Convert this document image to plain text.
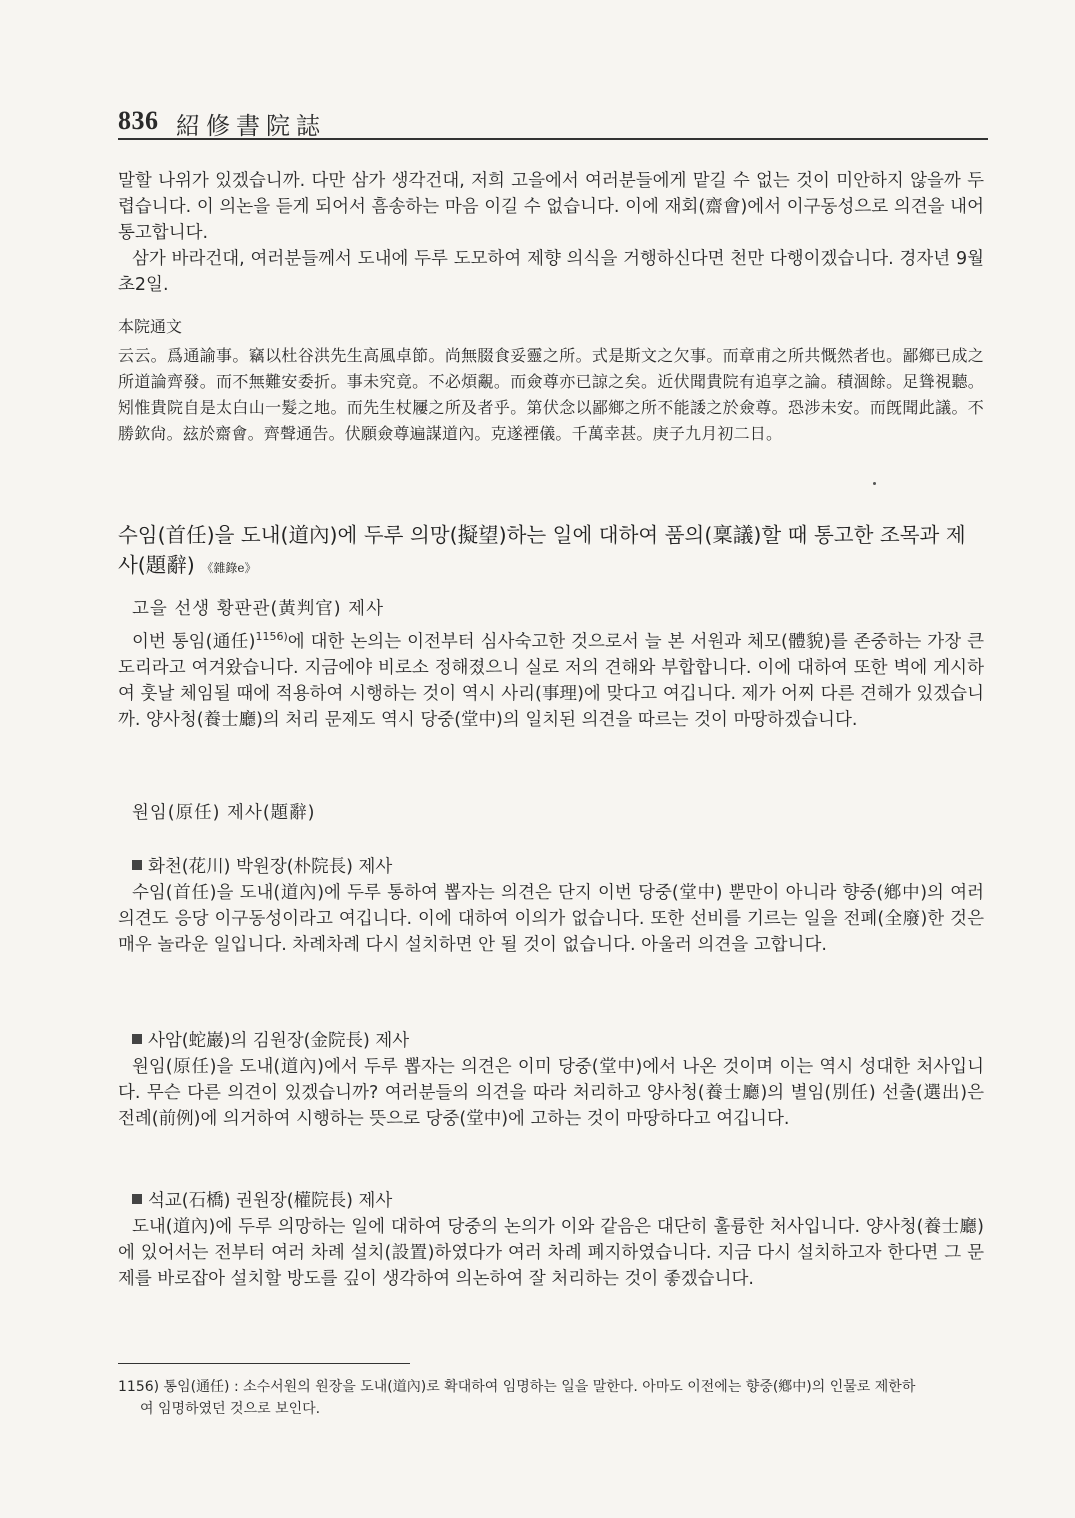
836 紹修書院誌

말할 나위가 있겠습니까. 다만 삼가 생각건대, 저희 고을에서 여러분들에게 맡길 수 없는 것이 미안하지 않을까 두렵습니다. 이 의논을 듣게 되어서 흠송하는 마음 이길 수 없습니다. 이에 재회(齋會)에서 이구동성으로 의견을 내어 통고합니다.

삼가 바라건대, 여러분들께서 도내에 두루 도모하여 제향 의식을 거행하신다면 천만 다행이겠습니다. 경자년 9월 초2일.

本院通文

云云。爲通諭事。竊以杜谷洪先生高風卓節。尚無腏食妥靈之所。式是斯文之欠事。而章甫之所共慨然者也。鄙鄉已成之所道論齊發。而不無難安委折。事未究竟。不必煩覶。而僉尊亦已諒之矣。近伏聞貴院有追享之論。積涸餘。足聳視聽。矧惟貴院自是太白山一髮之地。而先生杖屨之所及者乎。第伏念以鄙鄉之所不能諉之於僉尊。恐涉未安。而旣聞此議。不勝欽尙。玆於齋會。齊聲通告。伏願僉尊遍謀道內。克遂禋儀。千萬幸甚。庚子九月初二日。

수임(首任)을 도내(道內)에 두루 의망(擬望)하는 일에 대하여 품의(稟議)할 때 통고한 조목과 제사(題辭) 《雜錄e》
고을 선생 황판관(黃判官) 제사

이번 통임(通任)$^{1156)}$에 대한 논의는 이전부터 심사숙고한 것으로서 늘 본 서원과 체모(體貌)를 존중하는 가장 큰 도리라고 여겨왔습니다. 지금에야 비로소 정해졌으니 실로 저의 견해와 부합합니다. 이에 대하여 또한 벽에 게시하여 훗날 체임될 때에 적용하여 시행하는 것이 역시 사리(事理)에 맞다고 여깁니다. 제가 어찌 다른 견해가 있겠습니까. 양사청(養士廳)의 처리 문제도 역시 당중(堂中)의 일치된 의견을 따르는 것이 마땅하겠습니다.

원임(原任) 제사(題辭)
화천(花川) 박원장(朴院長) 제사

수임(首任)을 도내(道內)에 두루 통하여 뽑자는 의견은 단지 이번 당중(堂中) 뿐만이 아니라 향중(鄕中)의 여러 의견도 응당 이구동성이라고 여깁니다. 이에 대하여 이의가 없습니다. 또한 선비를 기르는 일을 전폐(全廢)한 것은 매우 놀라운 일입니다. 차례차례 다시 설치하면 안 될 것이 없습니다. 아울러 의견을 고합니다.

사암(蛇巖)의 김원장(金院長) 제사

원임(原任)을 도내(道內)에서 두루 뽑자는 의견은 이미 당중(堂中)에서 나온 것이며 이는 역시 성대한 처사입니다. 무슨 다른 의견이 있겠습니까? 여러분들의 의견을 따라 처리하고 양사청(養士廳)의 별임(別任) 선출(選出)은 전례(前例)에 의거하여 시행하는 뜻으로 당중(堂中)에 고하는 것이 마땅하다고 여깁니다.

석교(石橋) 권원장(權院長) 제사

도내(道內)에 두루 의망하는 일에 대하여 당중의 논의가 이와 같음은 대단히 훌륭한 처사입니다. 양사청(養士廳)에 있어서는 전부터 여러 차례 설치(設置)하였다가 여러 차례 폐지하였습니다. 지금 다시 설치하고자 한다면 그 문제를 바로잡아 설치할 방도를 깊이 생각하여 의논하여 잘 처리하는 것이 좋겠습니다.

1156) 통임(通任) : 소수서원의 원장을 도내(道內)로 확대하여 임명하는 일을 말한다. 아마도 이전에는 향중(鄕中)의 인물로 제한하
여 임명하였던 것으로 보인다.
